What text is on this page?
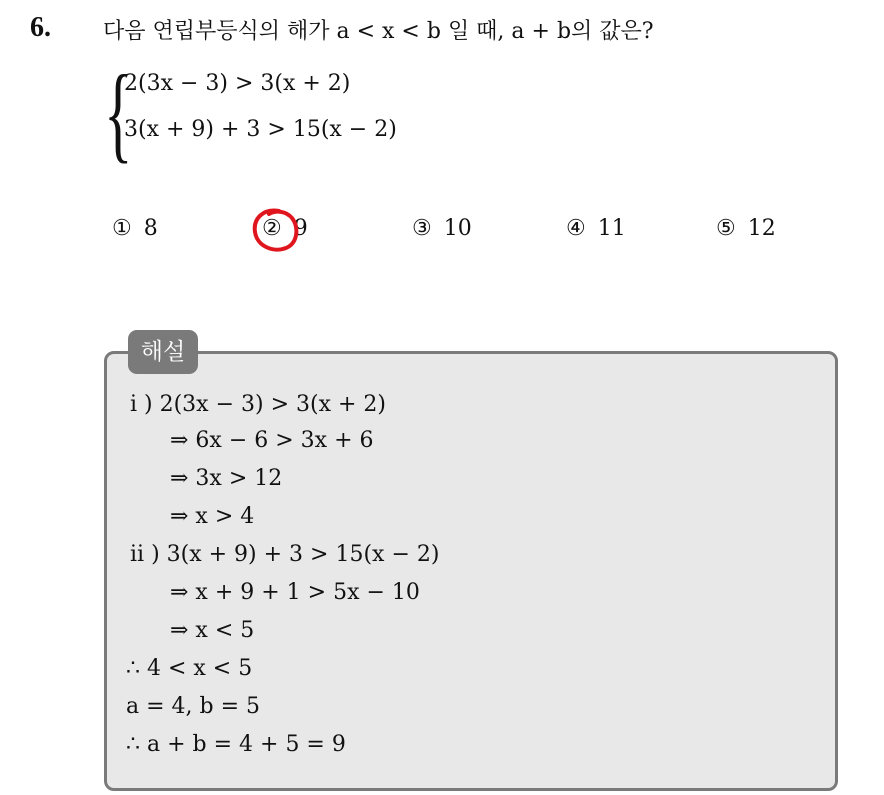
6. 다음 연립부등식의 해가 a < x < b 일 때, a + b의 값은?
{
2(3x − 3) > 3(x + 2)
3(x + 9) + 3 > 15(x − 2)
① 8	② 9	③ 10	④ 11	⑤ 12
해설
ⅰ ) 2(3x − 3) > 3(x + 2)
⇒ 6x − 6 > 3x + 6
⇒ 3x > 12
⇒ x > 4
ⅱ ) 3(x + 9) + 3 > 15(x − 2)
⇒ x + 9 + 1 > 5x − 10
⇒ x < 5
∴ 4 < x < 5
a = 4, b = 5
∴ a + b = 4 + 5 = 9
